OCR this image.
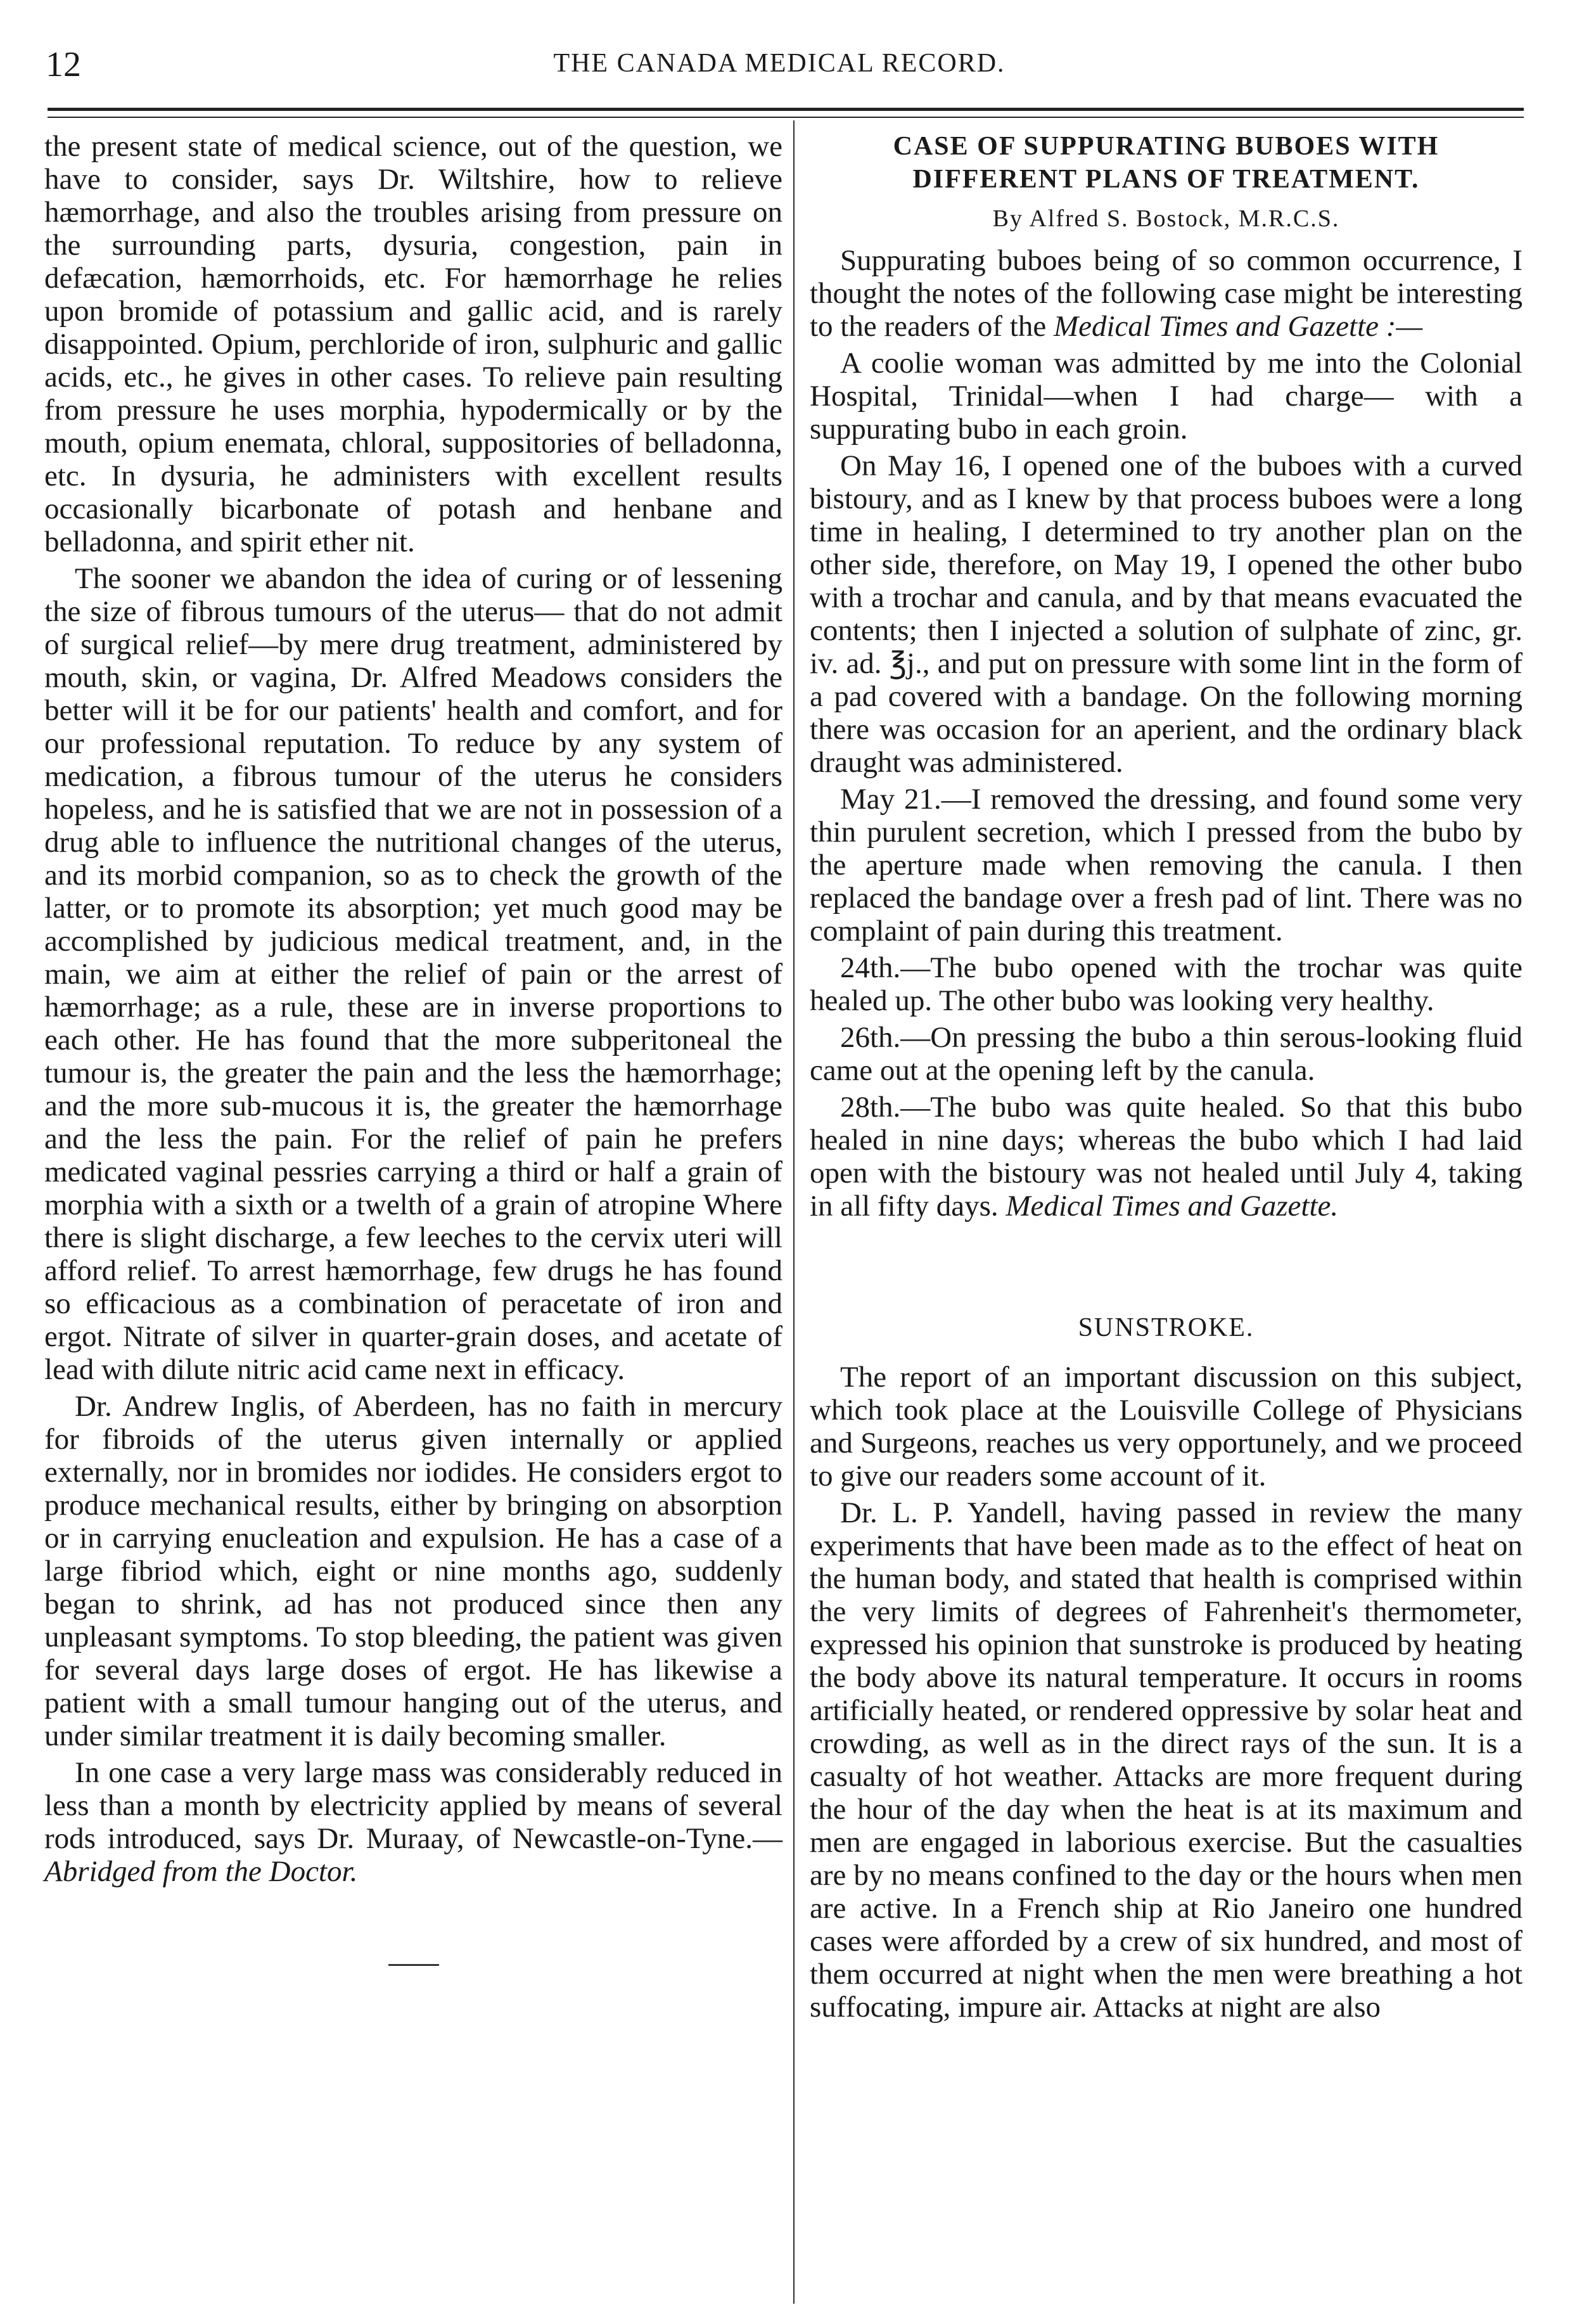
12	THE CANADA MEDICAL RECORD.

the present state of medical science, out of the question, we have to consider, says Dr. Wiltshire, how to relieve hæmorrhage, and also the troubles arising from pressure on the surrounding parts, dysuria, congestion, pain in defæcation, hæmorrhoids, etc. For hæmorrhage he relies upon bromide of potassium and gallic acid, and is rarely disappointed. Opium, perchloride of iron, sulphuric and gallic acids, etc., he gives in other cases. To relieve pain resulting from pressure he uses morphia, hypodermically or by the mouth, opium enemata, chloral, suppositories of belladonna, etc. In dysuria, he administers with excellent results occasionally bicarbonate of potash and henbane and belladonna, and spirit ether nit.

The sooner we abandon the idea of curing or of lessening the size of fibrous tumours of the uterus— that do not admit of surgical relief—by mere drug treatment, administered by mouth, skin, or vagina, Dr. Alfred Meadows considers the better will it be for our patients' health and comfort, and for our professional reputation. To reduce by any system of medication, a fibrous tumour of the uterus he considers hopeless, and he is satisfied that we are not in possession of a drug able to influence the nutritional changes of the uterus, and its morbid companion, so as to check the growth of the latter, or to promote its absorption; yet much good may be accomplished by judicious medical treatment, and, in the main, we aim at either the relief of pain or the arrest of hæmorrhage; as a rule, these are in inverse proportions to each other. He has found that the more subperitoneal the tumour is, the greater the pain and the less the hæmorrhage; and the more sub-mucous it is, the greater the hæmorrhage and the less the pain. For the relief of pain he prefers medicated vaginal pessries carrying a third or half a grain of morphia with a sixth or a twelth of a grain of atropine Where there is slight discharge, a few leeches to the cervix uteri will afford relief. To arrest hæmorrhage, few drugs he has found so efficacious as a combination of peracetate of iron and ergot. Nitrate of silver in quarter-grain doses, and acetate of lead with dilute nitric acid came next in efficacy.

Dr. Andrew Inglis, of Aberdeen, has no faith in mercury for fibroids of the uterus given internally or applied externally, nor in bromides nor iodides. He considers ergot to produce mechanical results, either by bringing on absorption or in carrying enucleation and expulsion. He has a case of a large fibriod which, eight or nine months ago, suddenly began to shrink, ad has not produced since then any unpleasant symptoms. To stop bleeding, the patient was given for several days large doses of ergot. He has likewise a patient with a small tumour hanging out of the uterus, and under similar treatment it is daily becoming smaller.

In one case a very large mass was considerably reduced in less than a month by electricity applied by means of several rods introduced, says Dr. Muraay, of Newcastle-on-Tyne.—Abridged from the Doctor.

CASE OF SUPPURATING BUBOES WITH DIFFERENT PLANS OF TREATMENT.
By Alfred S. Bostock, M.R.C.S.

Suppurating buboes being of so common occurrence, I thought the notes of the following case might be interesting to the readers of the Medical Times and Gazette :—

A coolie woman was admitted by me into the Colonial Hospital, Trinidal—when I had charge— with a suppurating bubo in each groin.

On May 16, I opened one of the buboes with a curved bistoury, and as I knew by that process buboes were a long time in healing, I determined to try another plan on the other side, therefore, on May 19, I opened the other bubo with a trochar and canula, and by that means evacuated the contents; then I injected a solution of sulphate of zinc, gr. iv. ad. ℥j., and put on pressure with some lint in the form of a pad covered with a bandage. On the following morning there was occasion for an aperient, and the ordinary black draught was administered.

May 21.—I removed the dressing, and found some very thin purulent secretion, which I pressed from the bubo by the aperture made when removing the canula. I then replaced the bandage over a fresh pad of lint. There was no complaint of pain during this treatment.

24th.—The bubo opened with the trochar was quite healed up. The other bubo was looking very healthy.

26th.—On pressing the bubo a thin serous-looking fluid came out at the opening left by the canula.

28th.—The bubo was quite healed. So that this bubo healed in nine days; whereas the bubo which I had laid open with the bistoury was not healed until July 4, taking in all fifty days. Medical Times and Gazette.

SUNSTROKE.

The report of an important discussion on this subject, which took place at the Louisville College of Physicians and Surgeons, reaches us very opportunely, and we proceed to give our readers some account of it.

Dr. L. P. Yandell, having passed in review the many experiments that have been made as to the effect of heat on the human body, and stated that health is comprised within the very limits of degrees of Fahrenheit's thermometer, expressed his opinion that sunstroke is produced by heating the body above its natural temperature. It occurs in rooms artificially heated, or rendered oppressive by solar heat and crowding, as well as in the direct rays of the sun. It is a casualty of hot weather. Attacks are more frequent during the hour of the day when the heat is at its maximum and men are engaged in laborious exercise. But the casualties are by no means confined to the day or the hours when men are active. In a French ship at Rio Janeiro one hundred cases were afforded by a crew of six hundred, and most of them occurred at night when the men were breathing a hot suffocating, impure air. Attacks at night are also
